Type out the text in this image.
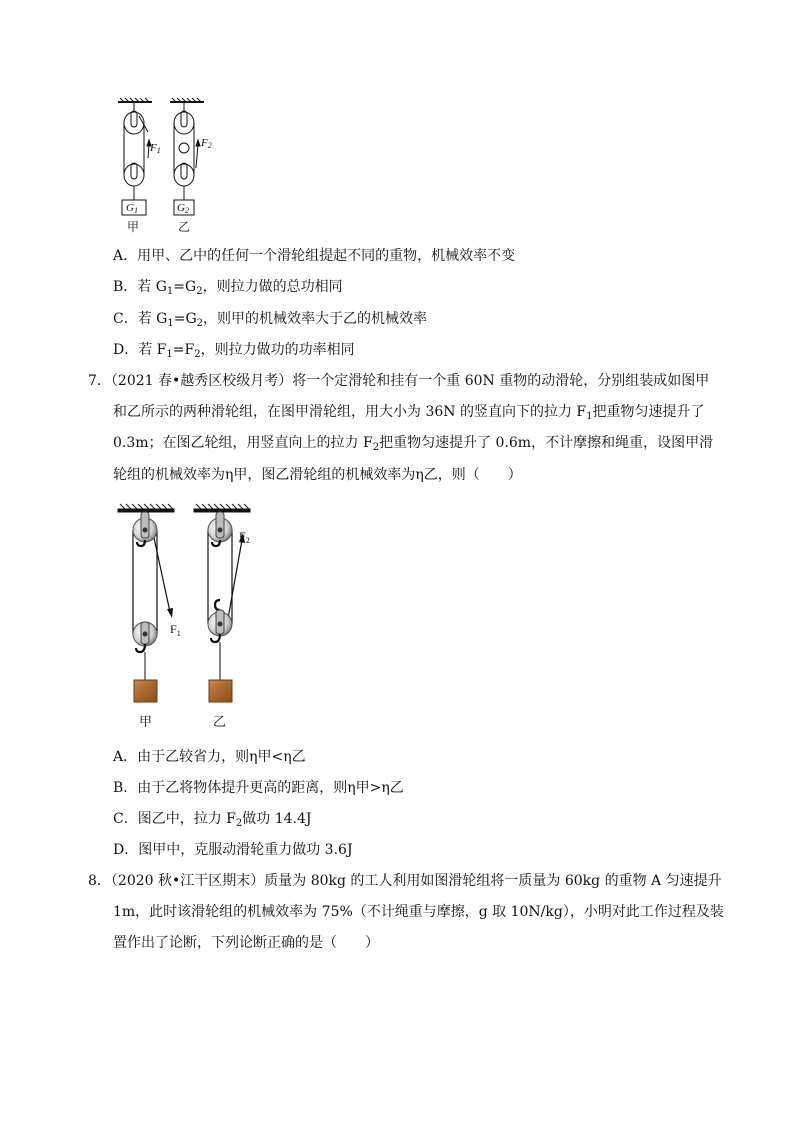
F1
F2
G1	G2
甲	乙
A．用甲、乙中的任何一个滑轮组提起不同的重物，机械效率不变
B．若 $G_1=G_2$，则拉力做的总功相同
C．若 $G_1=G_2$，则甲的机械效率大于乙的机械效率
D．若 $F_1=F_2$，则拉力做功的功率相同
7．（2021 春•越秀区校级月考）将一个定滑轮和挂有一个重 60N 重物的动滑轮，分别组装成如图甲
和乙所示的两种滑轮组，在图甲滑轮组，用大小为 36N 的竖直向下的拉力 $F_1$把重物匀速提升了
0.3m；在图乙轮组，用竖直向上的拉力 $F_2$把重物匀速提升了 0.6m，不计摩擦和绳重，设图甲滑
轮组的机械效率为η甲，图乙滑轮组的机械效率为η乙，则（　　）
$F_1$
$F_2$
甲	乙
A．由于乙较省力，则η甲<η乙
B．由于乙将物体提升更高的距离，则η甲>η乙
C．图乙中，拉力 $F_2$做功 14.4J
D．图甲中，克服动滑轮重力做功 3.6J
8．（2020 秋•江干区期末）质量为 80kg 的工人利用如图滑轮组将一质量为 60kg 的重物 A 匀速提升
1m，此时该滑轮组的机械效率为 75%（不计绳重与摩擦，g 取 10N/kg），小明对此工作过程及装
置作出了论断，下列论断正确的是（　　）
